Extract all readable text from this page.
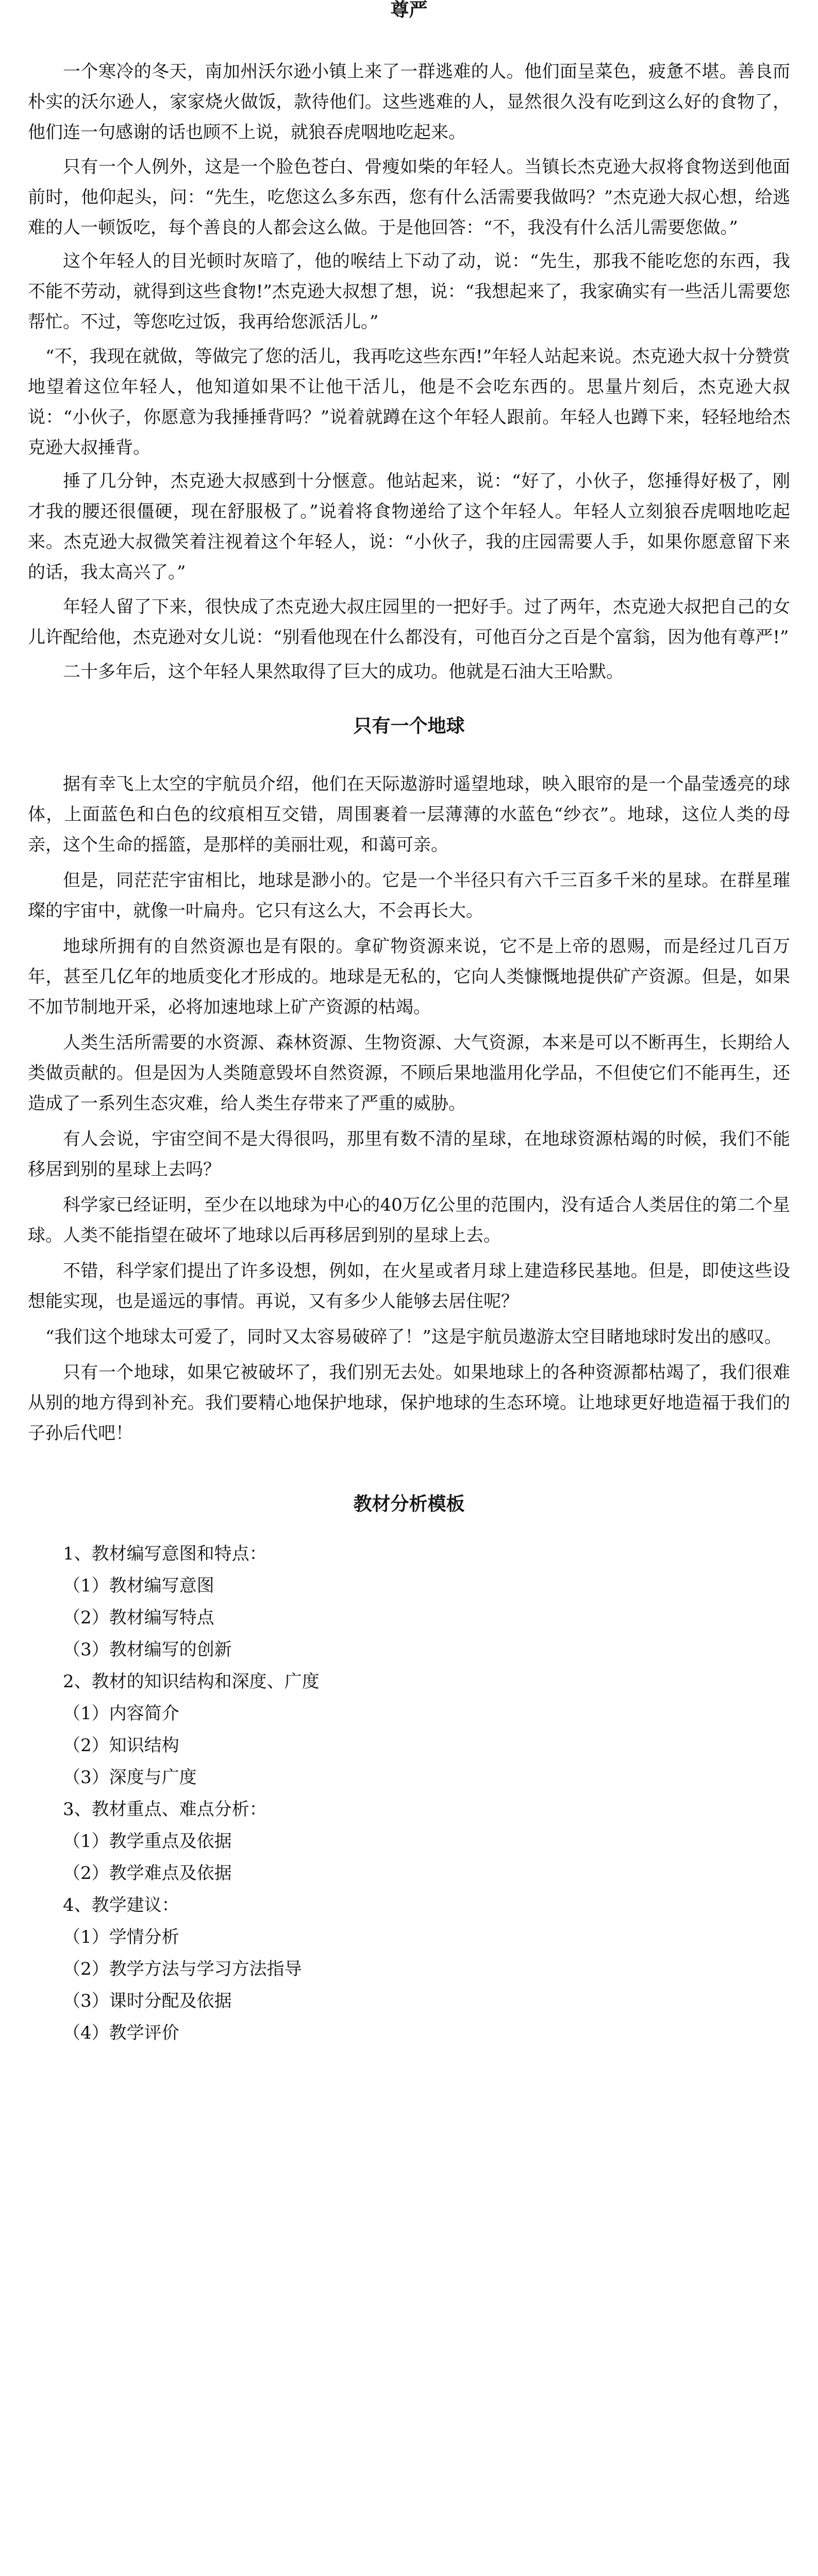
尊严

一个寒冷的冬天，南加州沃尔逊小镇上来了一群逃难的人。他们面呈菜色，疲惫不堪。善良而朴实的沃尔逊人，家家烧火做饭，款待他们。这些逃难的人，显然很久没有吃到这么好的食物了，他们连一句感谢的话也顾不上说，就狼吞虎咽地吃起来。

只有一个人例外，这是一个脸色苍白、骨瘦如柴的年轻人。当镇长杰克逊大叔将食物送到他面前时，他仰起头，问：“先生，吃您这么多东西，您有什么活需要我做吗？”杰克逊大叔心想，给逃难的人一顿饭吃，每个善良的人都会这么做。于是他回答：“不，我没有什么活儿需要您做。”

这个年轻人的目光顿时灰暗了，他的喉结上下动了动，说：“先生，那我不能吃您的东西，我不能不劳动，就得到这些食物!”杰克逊大叔想了想，说：“我想起来了，我家确实有一些活儿需要您帮忙。不过，等您吃过饭，我再给您派活儿。”

“不，我现在就做，等做完了您的活儿，我再吃这些东西!”年轻人站起来说。杰克逊大叔十分赞赏地望着这位年轻人，他知道如果不让他干活儿，他是不会吃东西的。思量片刻后，杰克逊大叔说：“小伙子，你愿意为我捶捶背吗？”说着就蹲在这个年轻人跟前。年轻人也蹲下来，轻轻地给杰克逊大叔捶背。

捶了几分钟，杰克逊大叔感到十分惬意。他站起来，说：“好了，小伙子，您捶得好极了，刚才我的腰还很僵硬，现在舒服极了。”说着将食物递给了这个年轻人。年轻人立刻狼吞虎咽地吃起来。杰克逊大叔微笑着注视着这个年轻人，说：“小伙子，我的庄园需要人手，如果你愿意留下来的话，我太高兴了。”

年轻人留了下来，很快成了杰克逊大叔庄园里的一把好手。过了两年，杰克逊大叔把自己的女儿许配给他，杰克逊对女儿说：“别看他现在什么都没有，可他百分之百是个富翁，因为他有尊严!”

二十多年后，这个年轻人果然取得了巨大的成功。他就是石油大王哈默。

只有一个地球

据有幸飞上太空的宇航员介绍，他们在天际遨游时遥望地球，映入眼帘的是一个晶莹透亮的球体，上面蓝色和白色的纹痕相互交错，周围裹着一层薄薄的水蓝色“纱衣”。地球，这位人类的母亲，这个生命的摇篮，是那样的美丽壮观，和蔼可亲。

但是，同茫茫宇宙相比，地球是渺小的。它是一个半径只有六千三百多千米的星球。在群星璀璨的宇宙中，就像一叶扁舟。它只有这么大，不会再长大。

地球所拥有的自然资源也是有限的。拿矿物资源来说，它不是上帝的恩赐，而是经过几百万年，甚至几亿年的地质变化才形成的。地球是无私的，它向人类慷慨地提供矿产资源。但是，如果不加节制地开采，必将加速地球上矿产资源的枯竭。

人类生活所需要的水资源、森林资源、生物资源、大气资源，本来是可以不断再生，长期给人类做贡献的。但是因为人类随意毁坏自然资源，不顾后果地滥用化学品，不但使它们不能再生，还造成了一系列生态灾难，给人类生存带来了严重的威胁。

有人会说，宇宙空间不是大得很吗，那里有数不清的星球，在地球资源枯竭的时候，我们不能移居到别的星球上去吗？

科学家已经证明，至少在以地球为中心的40万亿公里的范围内，没有适合人类居住的第二个星球。人类不能指望在破坏了地球以后再移居到别的星球上去。

不错，科学家们提出了许多设想，例如，在火星或者月球上建造移民基地。但是，即使这些设想能实现，也是遥远的事情。再说，又有多少人能够去居住呢？

“我们这个地球太可爱了，同时又太容易破碎了！”这是宇航员遨游太空目睹地球时发出的感叹。

只有一个地球，如果它被破坏了，我们别无去处。如果地球上的各种资源都枯竭了，我们很难从别的地方得到补充。我们要精心地保护地球，保护地球的生态环境。让地球更好地造福于我们的子孙后代吧！

教材分析模板

1、教材编写意图和特点：

（1）教材编写意图

（2）教材编写特点

（3）教材编写的创新

2、教材的知识结构和深度、广度

（1）内容简介

（2）知识结构

（3）深度与广度

3、教材重点、难点分析：

（1）教学重点及依据

（2）教学难点及依据

4、教学建议：

（1）学情分析

（2）教学方法与学习方法指导

（3）课时分配及依据

（4）教学评价
